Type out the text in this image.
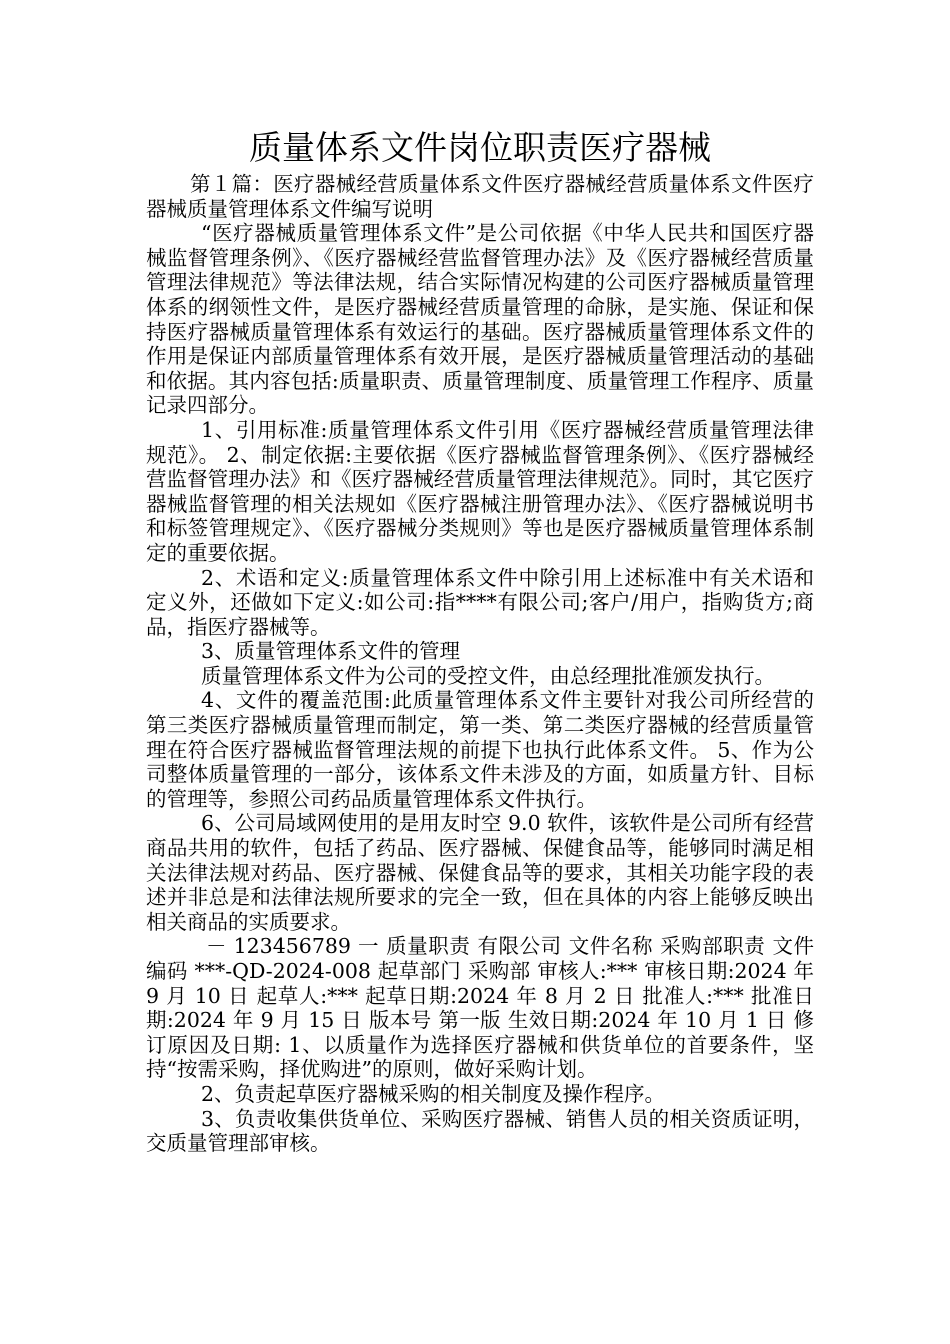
质量体系文件岗位职责医疗器械

第１篇：医疗器械经营质量体系文件医疗器械经营质量体系文件医疗器械质量管理体系文件编写说明

“医疗器械质量管理体系文件”是公司依据《中华人民共和国医疗器械监督管理条例》、《医疗器械经营监督管理办法》及《医疗器械经营质量管理法律规范》等法律法规，结合实际情况构建的公司医疗器械质量管理体系的纲领性文件，是医疗器械经营质量管理的命脉，是实施、保证和保持医疗器械质量管理体系有效运行的基础。医疗器械质量管理体系文件的作用是保证内部质量管理体系有效开展，是医疗器械质量管理活动的基础和依据。其内容包括:质量职责、质量管理制度、质量管理工作程序、质量记录四部分。

1、引用标准:质量管理体系文件引用《医疗器械经营质量管理法律规范》。 2、制定依据:主要依据《医疗器械监督管理条例》、《医疗器械经营监督管理办法》和《医疗器械经营质量管理法律规范》。同时，其它医疗器械监督管理的相关法规如《医疗器械注册管理办法》、《医疗器械说明书和标签管理规定》、《医疗器械分类规则》等也是医疗器械质量管理体系制定的重要依据。

2、术语和定义:质量管理体系文件中除引用上述标准中有关术语和定义外，还做如下定义:如公司:指****有限公司;客户/用户，指购货方;商品，指医疗器械等。

3、质量管理体系文件的管理

质量管理体系文件为公司的受控文件，由总经理批准颁发执行。

4、文件的覆盖范围:此质量管理体系文件主要针对我公司所经营的第三类医疗器械质量管理而制定，第一类、第二类医疗器械的经营质量管理在符合医疗器械监督管理法规的前提下也执行此体系文件。 5、作为公司整体质量管理的一部分，该体系文件未涉及的方面，如质量方针、目标的管理等，参照公司药品质量管理体系文件执行。

6、公司局域网使用的是用友时空 9.0 软件，该软件是公司所有经营商品共用的软件，包括了药品、医疗器械、保健食品等，能够同时满足相关法律法规对药品、医疗器械、保健食品等的要求，其相关功能字段的表述并非总是和法律法规所要求的完全一致，但在具体的内容上能够反映出相关商品的实质要求。

－ 123456789 一 质量职责 有限公司 文件名称 采购部职责 文件编码 ***-QD-2024-008 起草部门 采购部 审核人:*** 审核日期:2024 年 9 月 10 日 起草人:*** 起草日期:2024 年 8 月 2 日 批准人:*** 批准日期:2024 年 9 月 15 日 版本号 第一版 生效日期:2024 年 10 月 1 日 修订原因及日期: 1、以质量作为选择医疗器械和供货单位的首要条件，坚持“按需采购，择优购进”的原则，做好采购计划。

2、负责起草医疗器械采购的相关制度及操作程序。

3、负责收集供货单位、采购医疗器械、销售人员的相关资质证明，交质量管理部审核。
